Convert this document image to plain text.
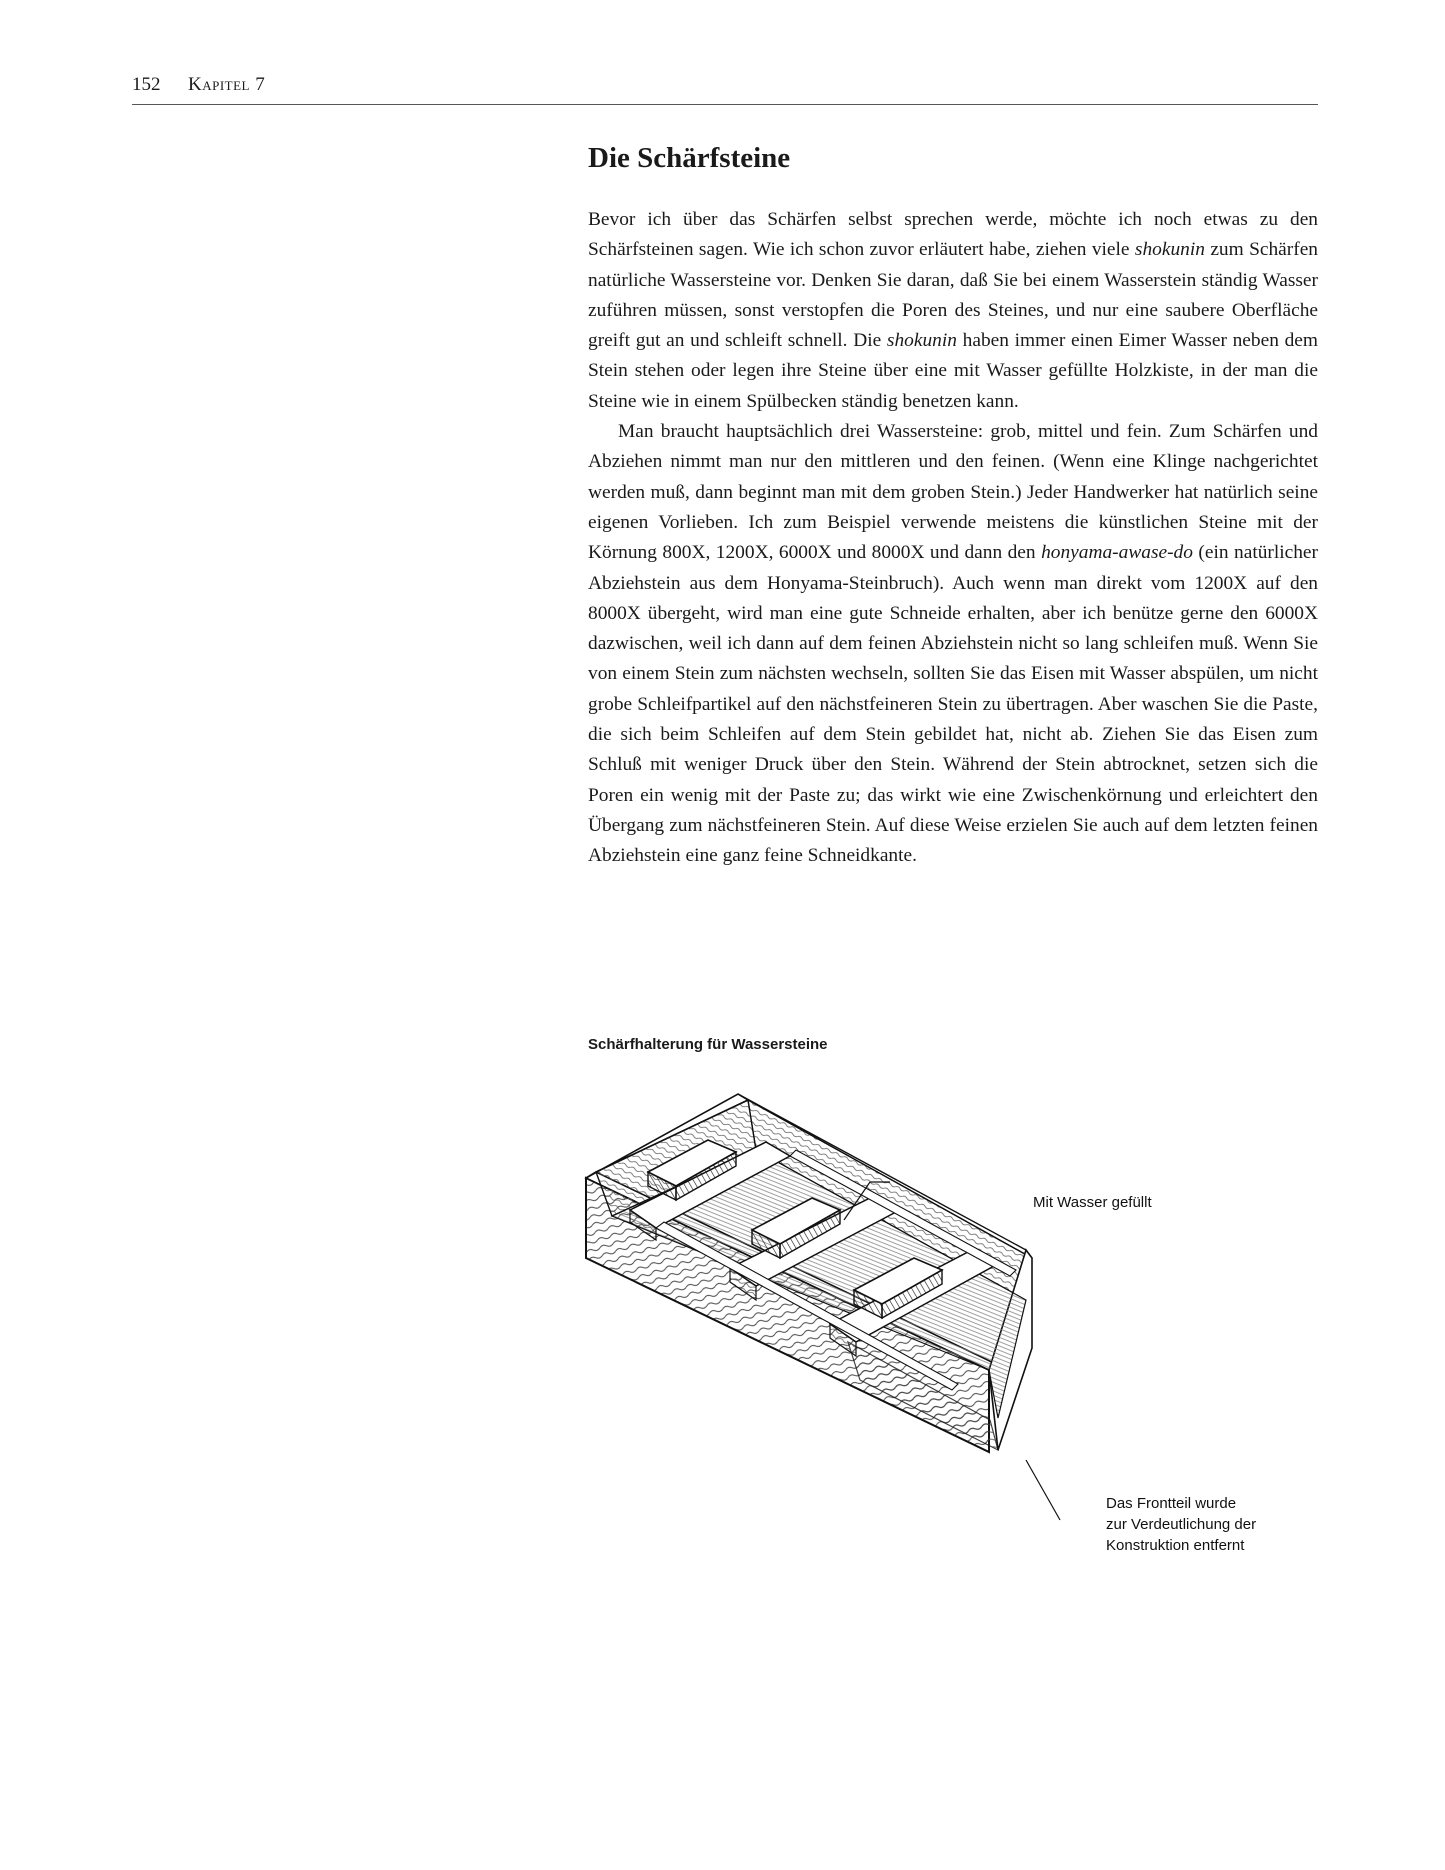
152 Kapitel 7
Die Schärfsteine

Bevor ich über das Schärfen selbst sprechen werde, möchte ich noch etwas zu den Schärfsteinen sagen. Wie ich schon zuvor erläutert habe, ziehen viele shokunin zum Schärfen natürliche Wassersteine vor. Denken Sie daran, daß Sie bei einem Wasserstein ständig Wasser zuführen müssen, sonst verstopfen die Poren des Steines, und nur eine saubere Oberfläche greift gut an und schleift schnell. Die shokunin haben immer einen Eimer Wasser neben dem Stein stehen oder legen ihre Steine über eine mit Wasser gefüllte Holzkiste, in der man die Steine wie in einem Spülbecken ständig benetzen kann.

Man braucht hauptsächlich drei Wassersteine: grob, mittel und fein. Zum Schärfen und Abziehen nimmt man nur den mittleren und den feinen. (Wenn eine Klinge nachgerichtet werden muß, dann beginnt man mit dem groben Stein.) Jeder Handwerker hat natürlich seine eigenen Vorlieben. Ich zum Beispiel verwende meistens die künstlichen Steine mit der Körnung 800X, 1200X, 6000X und 8000X und dann den honyama-awase-do (ein natürlicher Abziehstein aus dem Honyama-Steinbruch). Auch wenn man direkt vom 1200X auf den 8000X übergeht, wird man eine gute Schneide erhalten, aber ich benütze gerne den 6000X dazwischen, weil ich dann auf dem feinen Abziehstein nicht so lang schleifen muß. Wenn Sie von einem Stein zum nächsten wechseln, sollten Sie das Eisen mit Wasser abspülen, um nicht grobe Schleifpartikel auf den nächstfeineren Stein zu übertragen. Aber waschen Sie die Paste, die sich beim Schleifen auf dem Stein gebildet hat, nicht ab. Ziehen Sie das Eisen zum Schluß mit weniger Druck über den Stein. Während der Stein abtrocknet, setzen sich die Poren ein wenig mit der Paste zu; das wirkt wie eine Zwischenkörnung und erleichtert den Übergang zum nächstfeineren Stein. Auf diese Weise erzielen Sie auch auf dem letzten feinen Abziehstein eine ganz feine Schneidkante.

Schärfhalterung für Wassersteine
Mit Wasser gefüllt
Das Frontteil wurde
zur Verdeutlichung der
Konstruktion entfernt
